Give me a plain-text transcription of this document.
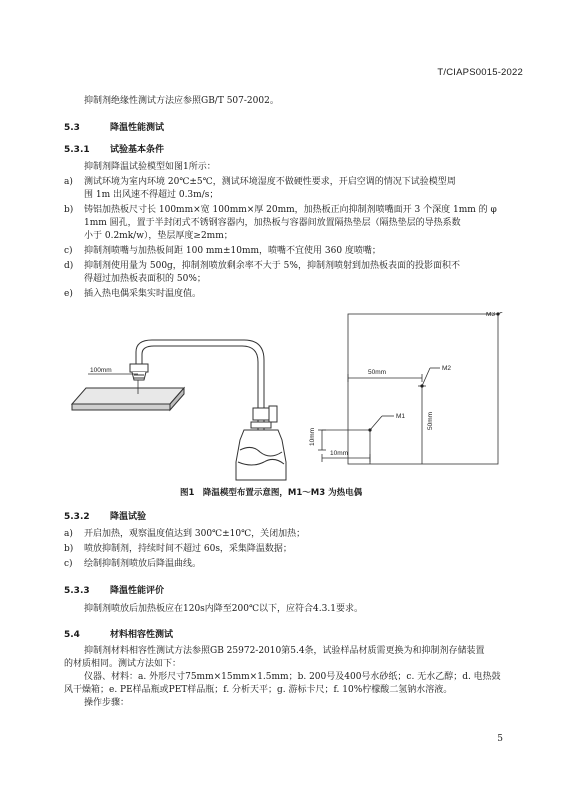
T/CIAPS0015-2022
抑制剂绝缘性测试方法应参照GB/T 507-2002。
5.3	降温性能测试
5.3.1 试验基本条件
抑制剂降温试验模型如图1所示：
a)	测试环境为室内环境 20℃±5℃，测试环境湿度不做硬性要求，开启空调的情况下试验模型周
围 1m 出风速不得超过 0.3m/s；
b)	铸铝加热板尺寸长 100mm×宽 100mm×厚 20mm，加热板正向抑制剂喷嘴面开 3 个深度 1mm 的 φ
1mm 圆孔，置于半封闭式不锈钢容器内，加热板与容器间放置隔热垫层（隔热垫层的导热系数
小于 0.2mk/w），垫层厚度≥2mm；
c)	抑制剂喷嘴与加热板间距 100 mm±10mm，喷嘴不宜使用 360 度喷嘴；
d)	抑制剂使用量为 500g，抑制剂喷放剩余率不大于 5%，抑制剂喷射到加热板表面的投影面积不
得超过加热板表面积的 50%；
e)	插入热电偶采集实时温度值。
100mm
M3
50mm
M2
50mm
M1
10mm
10mm
图1　降温模型布置示意图，M1～M3 为热电偶
5.3.2 降温试验
a) 开启加热，观察温度值达到 300℃±10℃，关闭加热；
b) 喷放抑制剂，持续时间不超过 60s，采集降温数据；
c) 绘制抑制剂喷放后降温曲线。
5.3.3 降温性能评价
抑制剂喷放后加热板应在120s内降至200℃以下，应符合4.3.1要求。
5.4	材料相容性测试
抑制剂材料相容性测试方法参照GB 25972-2010第5.4条，试验样品材质需更换为和抑制剂存储装置
的材质相同。测试方法如下：
仪器、材料：a. 外形尺寸75mm×15mm×1.5mm；b. 200号及400号水砂纸；c. 无水乙醇；d. 电热鼓
风干燥箱；e. PE样品瓶或PET样品瓶；f. 分析天平；g. 游标卡尺；f. 10%柠檬酸二氢钠水溶液。
操作步骤：
5
